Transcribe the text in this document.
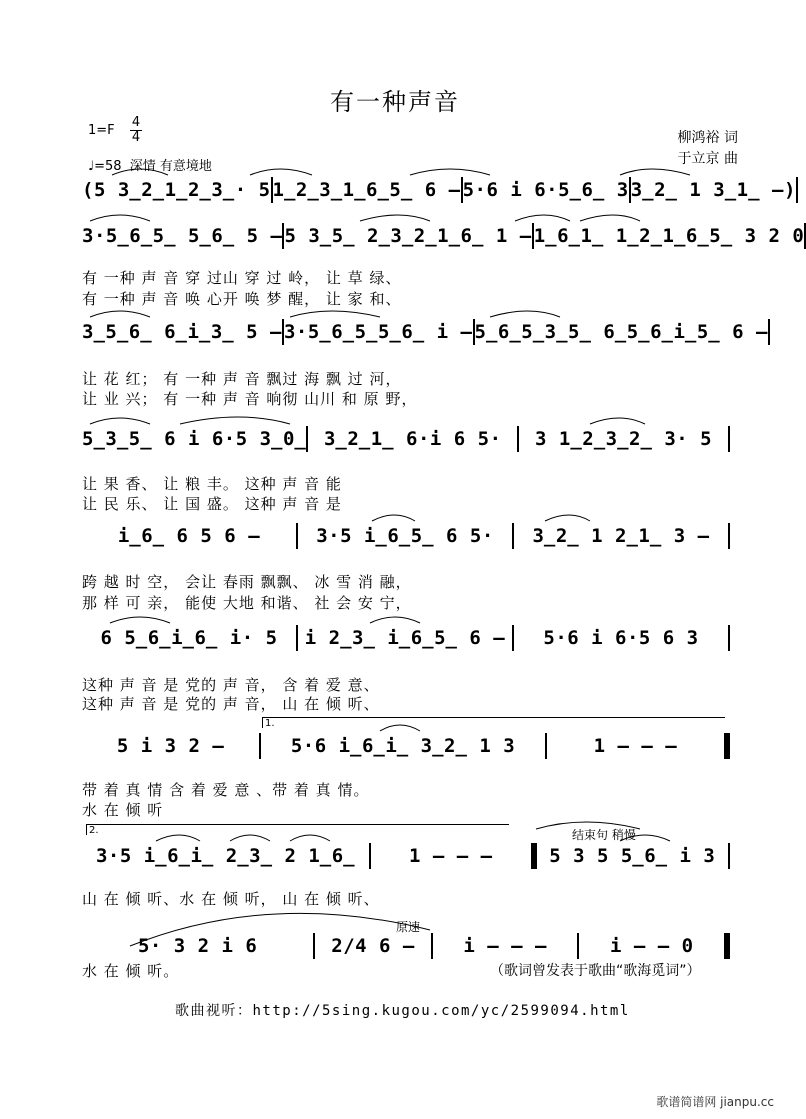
有一种声音
1=F
4
4
♩=58 深情 有意境地
柳鸿裕 词
于立京 曲
( 5 3̲2̲1̲2̲3̲· 5 1̲2̲3̲1̲6̲5̲ 6 – 5·6 i 6·5̲6̲ 3 3̲2̲ 1 3̲1̲ – )
3·5̲6̲5̲ 5̲6̲ 5 – 5 3̲5̲ 2̲3̲2̲1̲6̲ 1 – 1̲6̲1̲ 1̲2̲1̲6̲5̲ 3 2 0
有 一种 声 音 穿 过山 穿 过 岭， 让 草 绿、
有 一种 声 音 唤 心开 唤 梦 醒， 让 家 和、
3̲5̲6̲ 6̲i̲3̲ 5 – 3·5̲6̲5̲5̲6̲ i – 5̲6̲5̲3̲5̲ 6̲5̲6̲i̲5̲ 6 –
让 花 红； 有 一种 声 音 飘过 海 飘 过 河，
让 业 兴； 有 一种 声 音 响彻 山川 和 原 野，
5̲3̲5̲ 6 i 6·5 3̲0̲ 3̲2̲1̲ 6·i 6 5·	3 1̲2̲3̲2̲ 3· 5
让 果 香、 让 粮 丰。 这种 声 音 能
让 民 乐、 让 国 盛。 这种 声 音 是
i̲6̲ 6 5 6 –	3·5 i̲6̲5̲ 6 5·	3̲2̲ 1 2̲1̲ 3 –
跨 越 时 空， 会让 春雨 飘飘、 冰 雪 消 融，
那 样 可 亲， 能使 大地 和谐、 社 会 安 宁，
6 5̲6̲i̲6̲ i· 5	i 2̲3̲ i̲6̲5̲ 6 –	5·6 i 6·5 6 3
这种 声 音 是 党的 声 音， 含 着 爱 意、
这种 声 音 是 党的 声 音， 山 在 倾 听、
1.
5 i 3 2 –	5·6 i̲6̲i̲ 3̲2̲ 1 3	1 – – –
带 着 真 情 含 着 爱 意 、带 着 真 情。
水 在 倾 听
2.	结束句 稍慢
3·5 i̲6̲i̲ 2̲3̲ 2 1̲6̲	1 – – –	5 3 5 5̲6̲ i 3
山 在 倾 听、水 在 倾 听， 山 在 倾 听、
原速
5· 3 2 i 6	2/4 6 –	i – – –	i – – 0
水 在 倾 听。	（歌词曾发表于歌曲“歌海觅词”）
歌曲视听：http://5sing.kugou.com/yc/2599094.html
歌谱简谱网 jianpu.cc
